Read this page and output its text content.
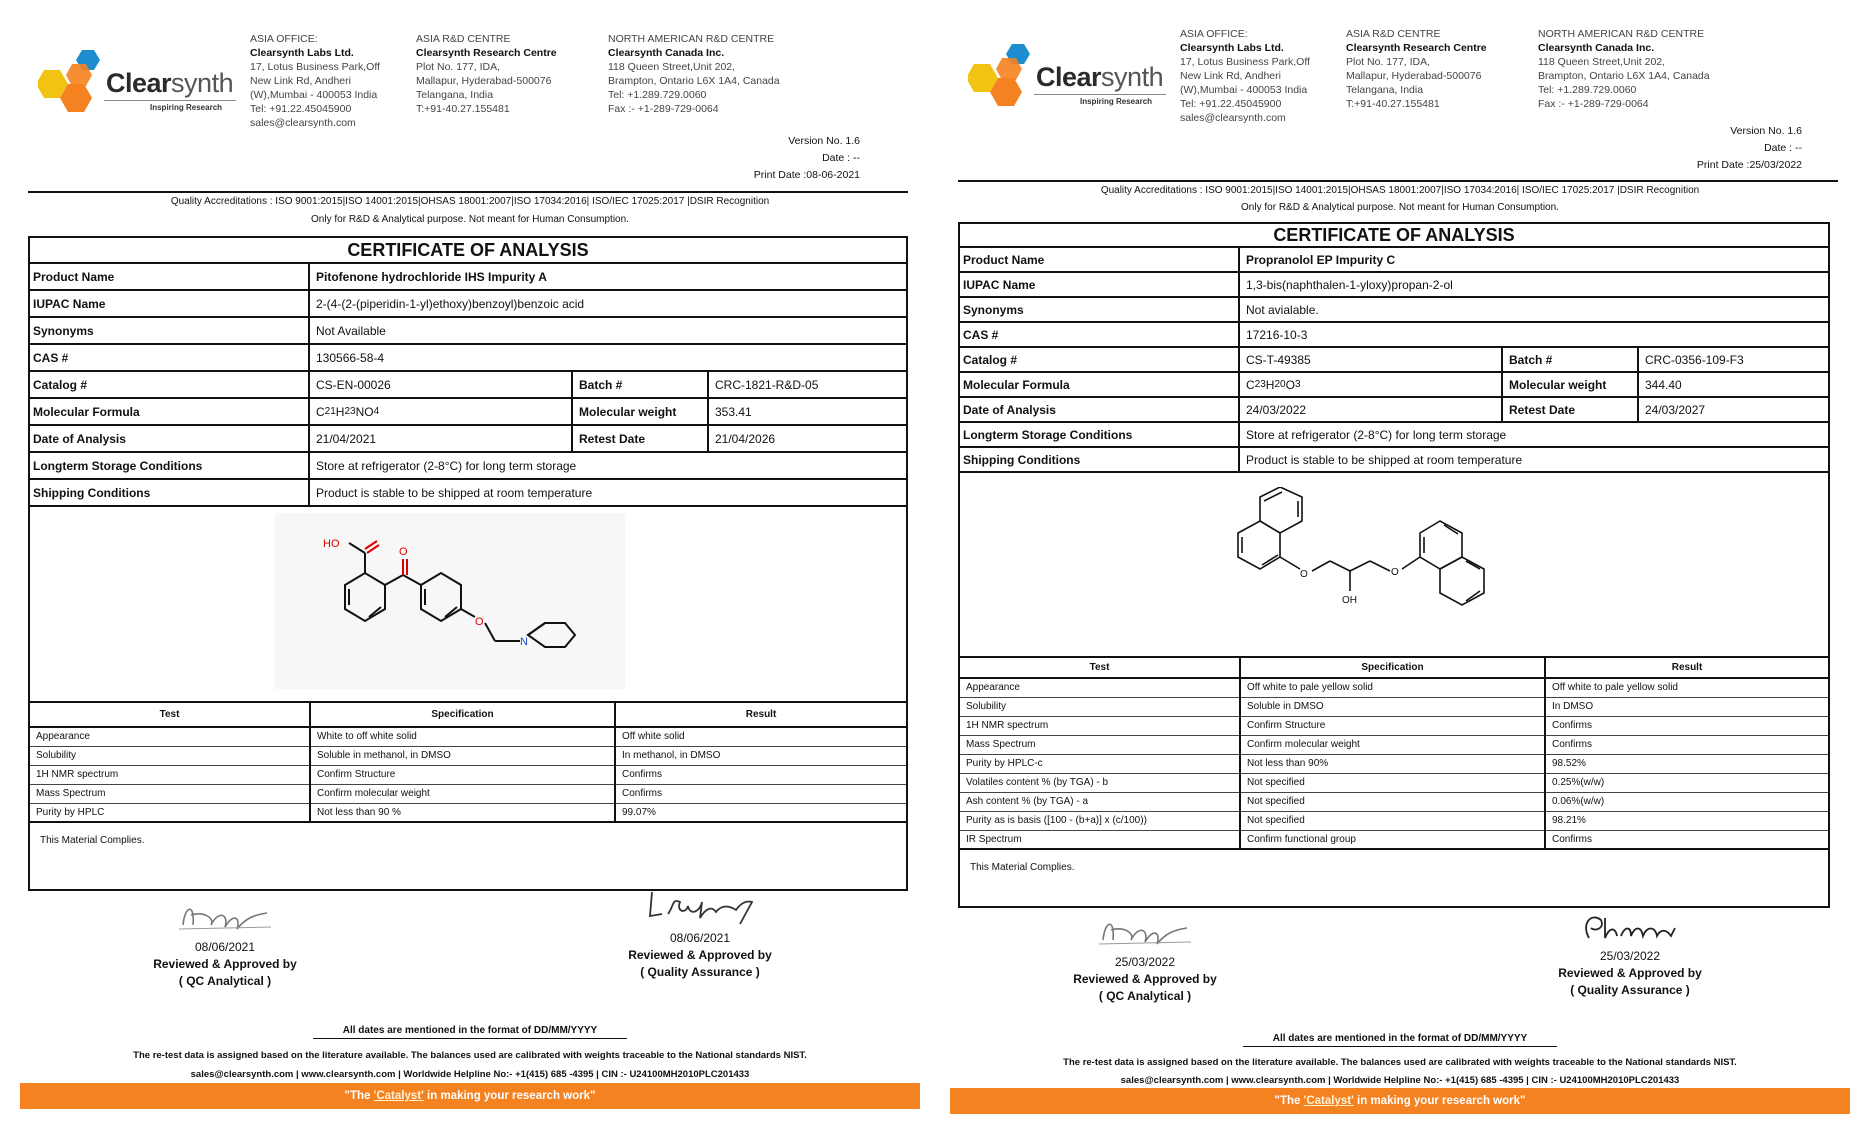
Clearsynth
Inspiring Research
ASIA OFFICE:
Clearsynth Labs Ltd.
17, Lotus Business Park,Off
New Link Rd, Andheri
(W),Mumbai - 400053 India
Tel: +91.22.45045900
sales@clearsynth.com
ASIA R&D CENTRE
Clearsynth Research Centre
Plot No. 177, IDA,
Mallapur, Hyderabad-500076
Telangana, India
T:+91-40.27.155481
NORTH AMERICAN R&D CENTRE
Clearsynth Canada Inc.
118 Queen Street,Unit 202,
Brampton, Ontario L6X 1A4, Canada
Tel: +1.289.729.0060
Fax :- +1-289-729-0064
Version No. 1.6
Date : --
Print Date :08-06-2021
Quality Accreditations : ISO 9001:2015|ISO 14001:2015|OHSAS 18001:2007|ISO 17034:2016| ISO/IEC 17025:2017 |DSIR Recognition
Only for R&D & Analytical purpose. Not meant for Human Consumption.
CERTIFICATE OF ANALYSIS
Product Name	Pitofenone hydrochloride IHS Impurity A
IUPAC Name	2-(4-(2-(piperidin-1-yl)ethoxy)benzoyl)benzoic acid
Synonyms	Not Available
CAS #	130566-58-4
Catalog #	CS-EN-00026	Batch #	CRC-1821-R&D-05
Molecular Formula	C 21 H 23 NO 4	Molecular weight	353.41
Date of Analysis	21/04/2021	Retest Date	21/04/2026
Longterm Storage Conditions	Store at refrigerator (2-8°C) for long term storage
Shipping Conditions	Product is stable to be shipped at room temperature
HO
O
O
N
Test	Specification	Result
Appearance	White to off white solid	Off white solid
Solubility	Soluble in methanol, in DMSO	In methanol, in DMSO
1H NMR spectrum	Confirm Structure	Confirms
Mass Spectrum	Confirm molecular weight	Confirms
Purity by HPLC	Not less than 90 %	99.07%
This Material Complies.
08/06/2021
Reviewed & Approved by
( QC Analytical )
08/06/2021
Reviewed & Approved by
( Quality Assurance )
All dates are mentioned in the format of DD/MM/YYYY
The re-test data is assigned based on the literature available. The balances used are calibrated with weights traceable to the National standards NIST.
sales@clearsynth.com | www.clearsynth.com | Worldwide Helpline No:- +1(415) 685 -4395 | CIN :- U24100MH2010PLC201433
"The 'Catalyst' in making your research work"
Clearsynth
Inspiring Research
ASIA OFFICE:
Clearsynth Labs Ltd.
17, Lotus Business Park,Off
New Link Rd, Andheri
(W),Mumbai - 400053 India
Tel: +91.22.45045900
sales@clearsynth.com
ASIA R&D CENTRE
Clearsynth Research Centre
Plot No. 177, IDA,
Mallapur, Hyderabad-500076
Telangana, India
T:+91-40.27.155481
NORTH AMERICAN R&D CENTRE
Clearsynth Canada Inc.
118 Queen Street,Unit 202,
Brampton, Ontario L6X 1A4, Canada
Tel: +1.289.729.0060
Fax :- +1-289-729-0064
Version No. 1.6
Date : --
Print Date :25/03/2022
Quality Accreditations : ISO 9001:2015|ISO 14001:2015|OHSAS 18001:2007|ISO 17034:2016| ISO/IEC 17025:2017 |DSIR Recognition
Only for R&D & Analytical purpose. Not meant for Human Consumption.
CERTIFICATE OF ANALYSIS
Product Name	Propranolol EP Impurity C
IUPAC Name	1,3-bis(naphthalen-1-yloxy)propan-2-ol
Synonyms	Not avialable.
CAS #	17216-10-3
Catalog #	CS-T-49385	Batch #	CRC-0356-109-F3
Molecular Formula	C 23 H 20 O 3	Molecular weight	344.40
Date of Analysis	24/03/2022	Retest Date	24/03/2027
Longterm Storage Conditions	Store at refrigerator (2-8°C) for long term storage
Shipping Conditions	Product is stable to be shipped at room temperature
O	O
OH
Test	Specification	Result
Appearance	Off white to pale yellow solid	Off white to pale yellow solid
Solubility	Soluble in DMSO	In DMSO
1H NMR spectrum	Confirm Structure	Confirms
Mass Spectrum	Confirm molecular weight	Confirms
Purity by HPLC-c	Not less than 90%	98.52%
Volatiles content % (by TGA) - b	Not specified	0.25%(w/w)
Ash content % (by TGA) - a	Not specified	0.06%(w/w)
Purity as is basis ([100 - (b+a)] x (c/100))	Not specified	98.21%
IR Spectrum	Confirm functional group	Confirms
This Material Complies.
25/03/2022
Reviewed & Approved by
( QC Analytical )
25/03/2022
Reviewed & Approved by
( Quality Assurance )
All dates are mentioned in the format of DD/MM/YYYY
The re-test data is assigned based on the literature available. The balances used are calibrated with weights traceable to the National standards NIST.
sales@clearsynth.com | www.clearsynth.com | Worldwide Helpline No:- +1(415) 685 -4395 | CIN :- U24100MH2010PLC201433
"The 'Catalyst' in making your research work"
